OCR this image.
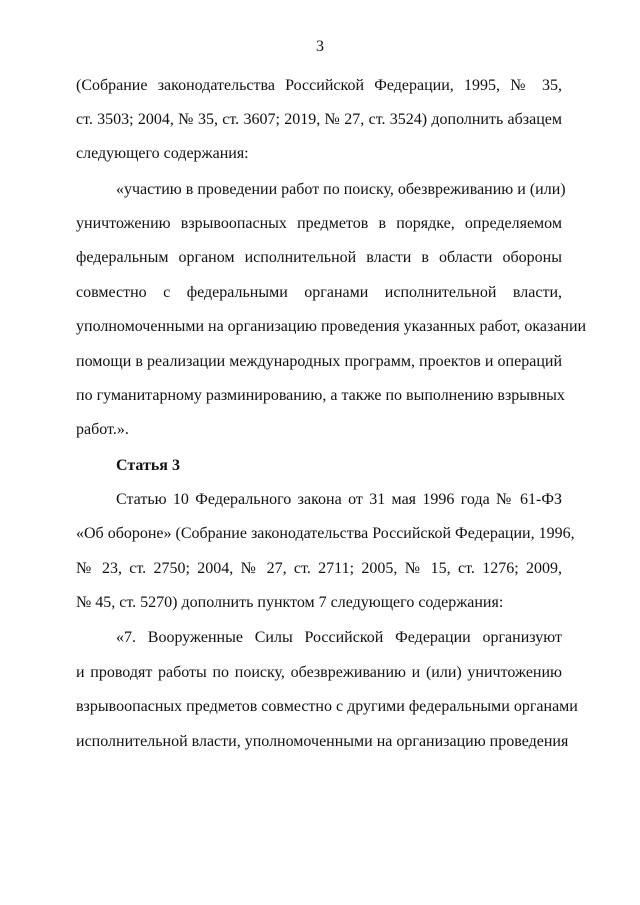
3
(Собрание законодательства Российской Федерации, 1995, № 35,
ст. 3503; 2004, № 35, ст. 3607; 2019, № 27, ст. 3524) дополнить абзацем
следующего содержания:
«участию в проведении работ по поиску, обезвреживанию и (или)
уничтожению взрывоопасных предметов в порядке, определяемом
федеральным органом исполнительной власти в области обороны
совместно с федеральными органами исполнительной власти,
уполномоченными на организацию проведения указанных работ, оказании
помощи в реализации международных программ, проектов и операций
по гуманитарному разминированию, а также по выполнению взрывных
работ.».
Статья 3
Статью 10 Федерального закона от 31 мая 1996 года № 61-ФЗ
«Об обороне» (Собрание законодательства Российской Федерации, 1996,
№ 23, ст. 2750; 2004, № 27, ст. 2711; 2005, № 15, ст. 1276; 2009,
№ 45, ст. 5270) дополнить пунктом 7 следующего содержания:
«7. Вооруженные Силы Российской Федерации организуют
и проводят работы по поиску, обезвреживанию и (или) уничтожению
взрывоопасных предметов совместно с другими федеральными органами
исполнительной власти, уполномоченными на организацию проведения
